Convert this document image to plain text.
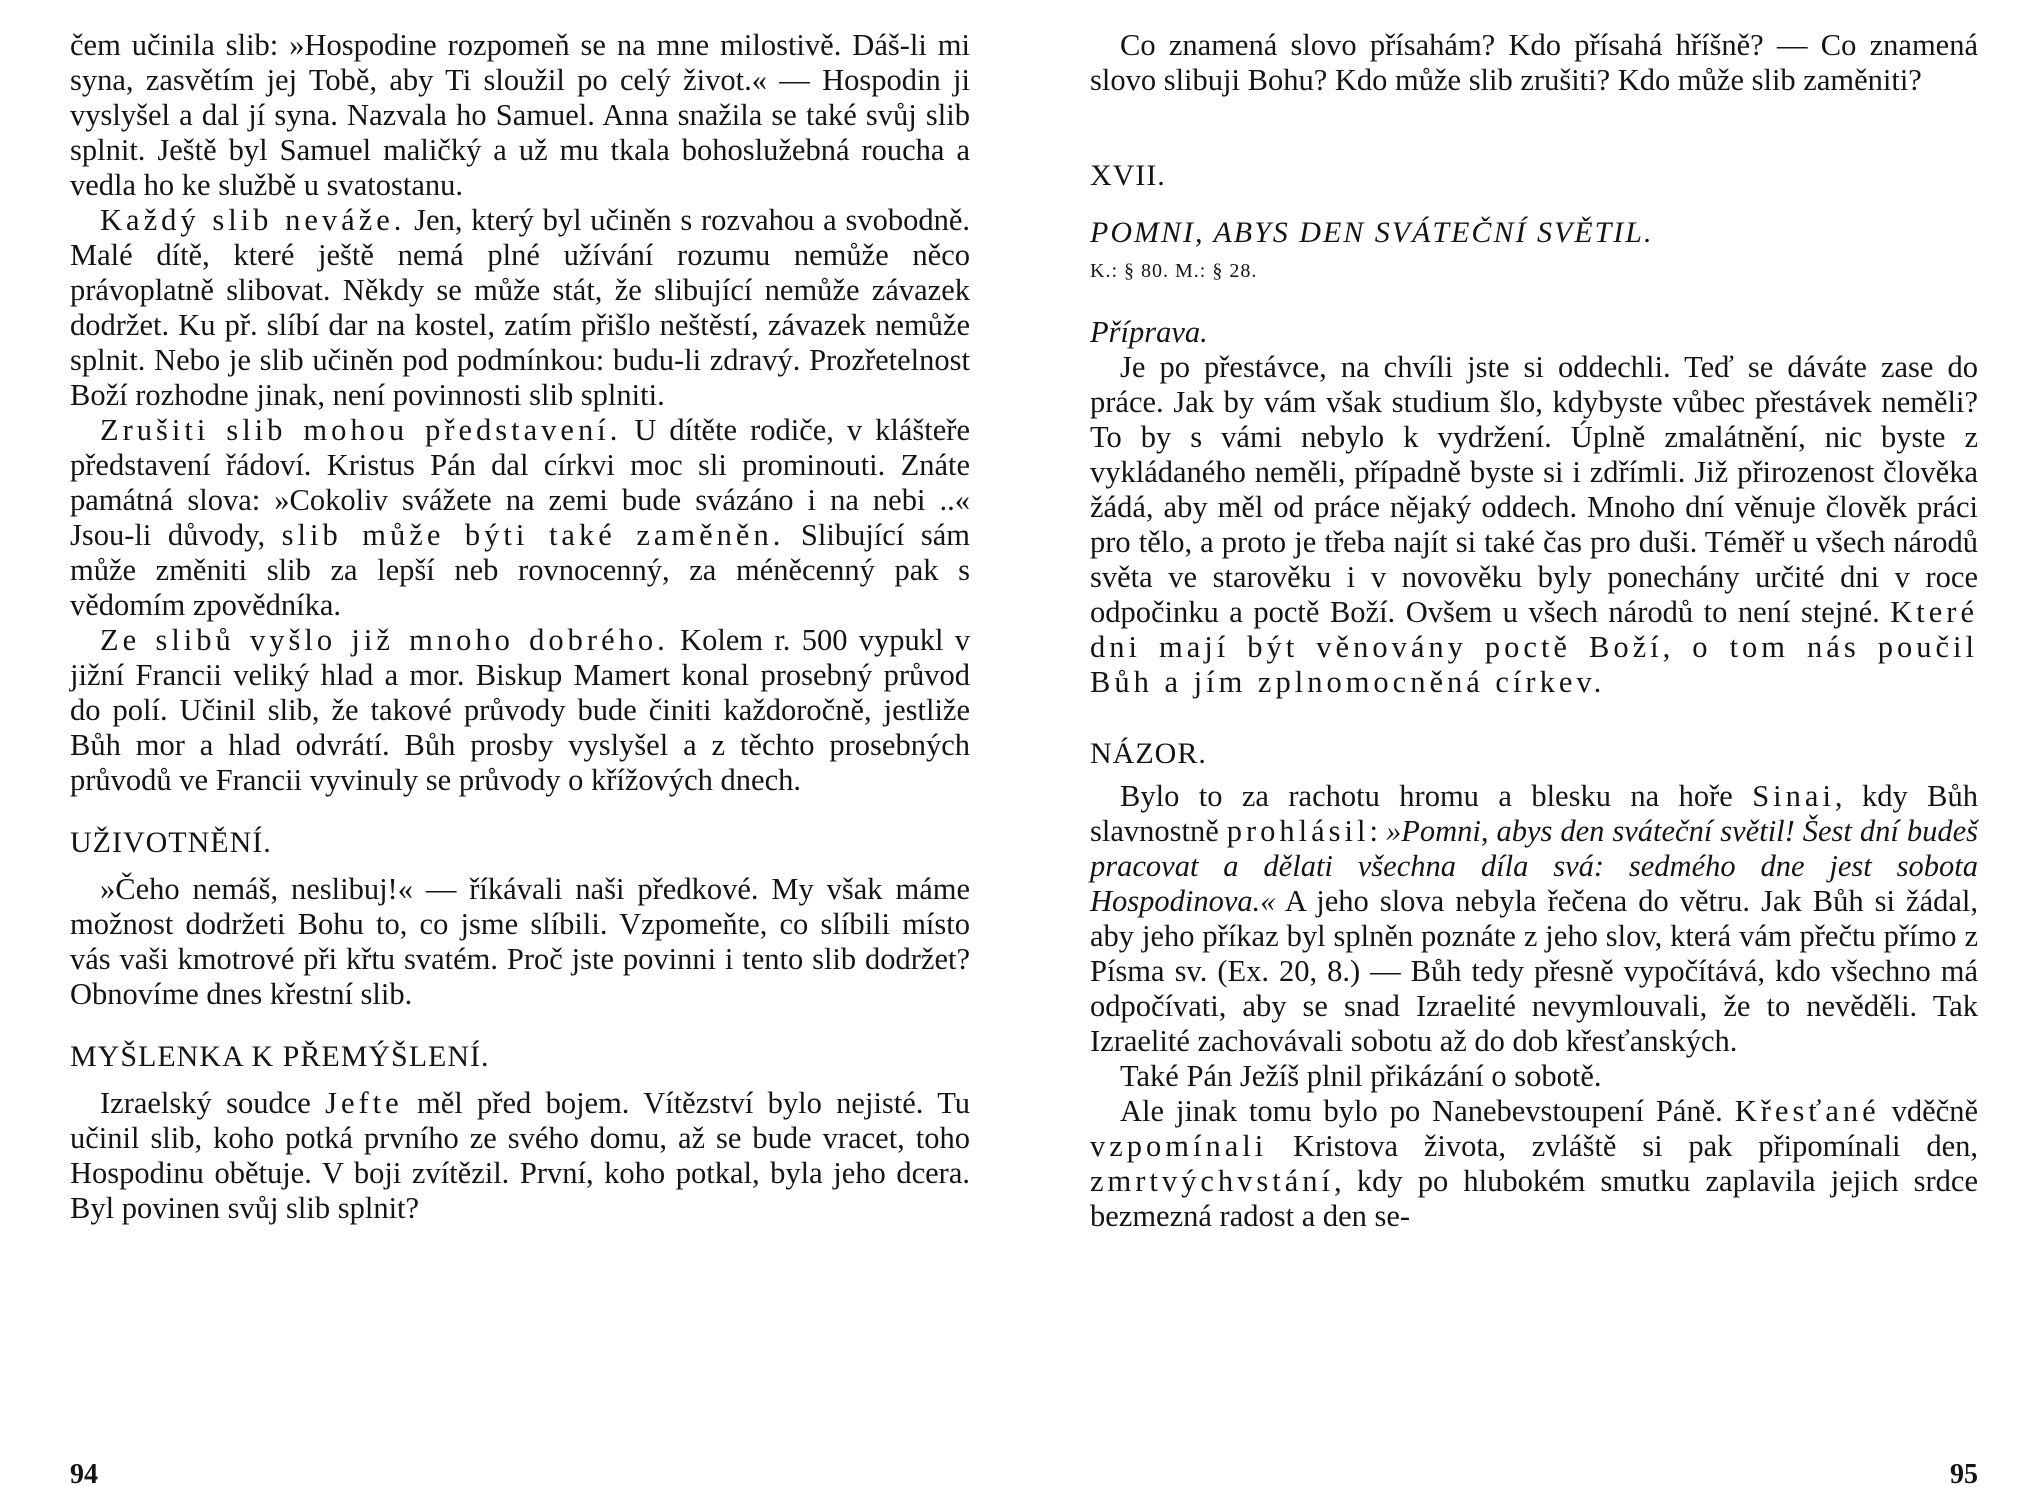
čem učinila slib: »Hospodine rozpomeň se na mne milostivě. Dáš-li mi syna, zasvětím jej Tobě, aby Ti sloužil po celý život.« — Hospodin ji vyslyšel a dal jí syna. Nazvala ho Samuel. Anna snažila se také svůj slib splnit. Ještě byl Samuel maličký a už mu tkala bohoslužebná roucha a vedla ho ke službě u svatostanu.

Každý slib neváže. Jen, který byl učiněn s rozvahou a svobodně. Malé dítě, které ještě nemá plné užívání rozumu nemůže něco právoplatně slibovat. Někdy se může stát, že slibující nemůže závazek dodržet. Ku př. slíbí dar na kostel, zatím přišlo neštěstí, závazek nemůže splnit. Nebo je slib učiněn pod podmínkou: budu-li zdravý. Prozřetelnost Boží rozhodne jinak, není povinnosti slib splniti.

Zrušiti slib mohou představení. U dítěte rodiče, v klášteře představení řádoví. Kristus Pán dal církvi moc sli prominouti. Znáte památná slova: »Cokoliv svážete na zemi bude svázáno i na nebi ..« Jsou-li důvody, slib může býti také zaměněn. Slibující sám může změniti slib za lepší neb rovnocenný, za méněcenný pak s vědomím zpovědníka.

Ze slibů vyšlo již mnoho dobrého. Kolem r. 500 vypukl v jižní Francii veliký hlad a mor. Biskup Mamert konal prosebný průvod do polí. Učinil slib, že takové průvody bude činiti každoročně, jestliže Bůh mor a hlad odvrátí. Bůh prosby vyslyšel a z těchto prosebných průvodů ve Francii vyvinuly se průvody o křížových dnech.

UŽIVOTNĚNÍ.

»Čeho nemáš, neslibuj!« — říkávali naši předkové. My však máme možnost dodržeti Bohu to, co jsme slíbili. Vzpomeňte, co slíbili místo vás vaši kmotrové při křtu svatém. Proč jste povinni i tento slib dodržet? Obnovíme dnes křestní slib.

MYŠLENKA K PŘEMÝŠLENÍ.

Izraelský soudce Jefte měl před bojem. Vítězství bylo nejisté. Tu učinil slib, koho potká prvního ze svého domu, až se bude vracet, toho Hospodinu obětuje. V boji zvítězil. První, koho potkal, byla jeho dcera. Byl povinen svůj slib splnit?

94

Co znamená slovo přísahám? Kdo přísahá hříšně? — Co znamená slovo slibuji Bohu? Kdo může slib zrušiti? Kdo může slib zaměniti?

XVII.
POMNI, ABYS DEN SVÁTEČNÍ SVĚTIL.
K.: § 80. M.: § 28.
Příprava.

Je po přestávce, na chvíli jste si oddechli. Teď se dáváte zase do práce. Jak by vám však studium šlo, kdybyste vůbec přestávek neměli? To by s vámi nebylo k vydržení. Úplně zmalátnění, nic byste z vykládaného neměli, případně byste si i zdřímli. Již přirozenost člověka žádá, aby měl od práce nějaký oddech. Mnoho dní věnuje člověk práci pro tělo, a proto je třeba najít si také čas pro duši. Téměř u všech národů světa ve starověku i v novověku byly ponechány určité dni v roce odpočinku a poctě Boží. Ovšem u všech národů to není stejné. Které dni mají být věnovány poctě Boží, o tom nás poučil Bůh a jím zplnomocněná církev.

NÁZOR.

Bylo to za rachotu hromu a blesku na hoře Sinai, kdy Bůh slavnostně prohlásil: »Pomni, abys den sváteční světil! Šest dní budeš pracovat a dělati všechna díla svá: sedmého dne jest sobota Hospodinova.« A jeho slova nebyla řečena do větru. Jak Bůh si žádal, aby jeho příkaz byl splněn poznáte z jeho slov, která vám přečtu přímo z Písma sv. (Ex. 20, 8.) — Bůh tedy přesně vypočítává, kdo všechno má odpočívati, aby se snad Izraelité nevymlouvali, že to nevěděli. Tak Izraelité zachovávali sobotu až do dob křesťanských.

Také Pán Ježíš plnil přikázání o sobotě.

Ale jinak tomu bylo po Nanebevstoupení Páně. Křesťané vděčně vzpomínali Kristova života, zvláště si pak připomínali den, zmrtvýchvstání, kdy po hlubokém smutku zaplavila jejich srdce bezmezná radost a den se-

95
